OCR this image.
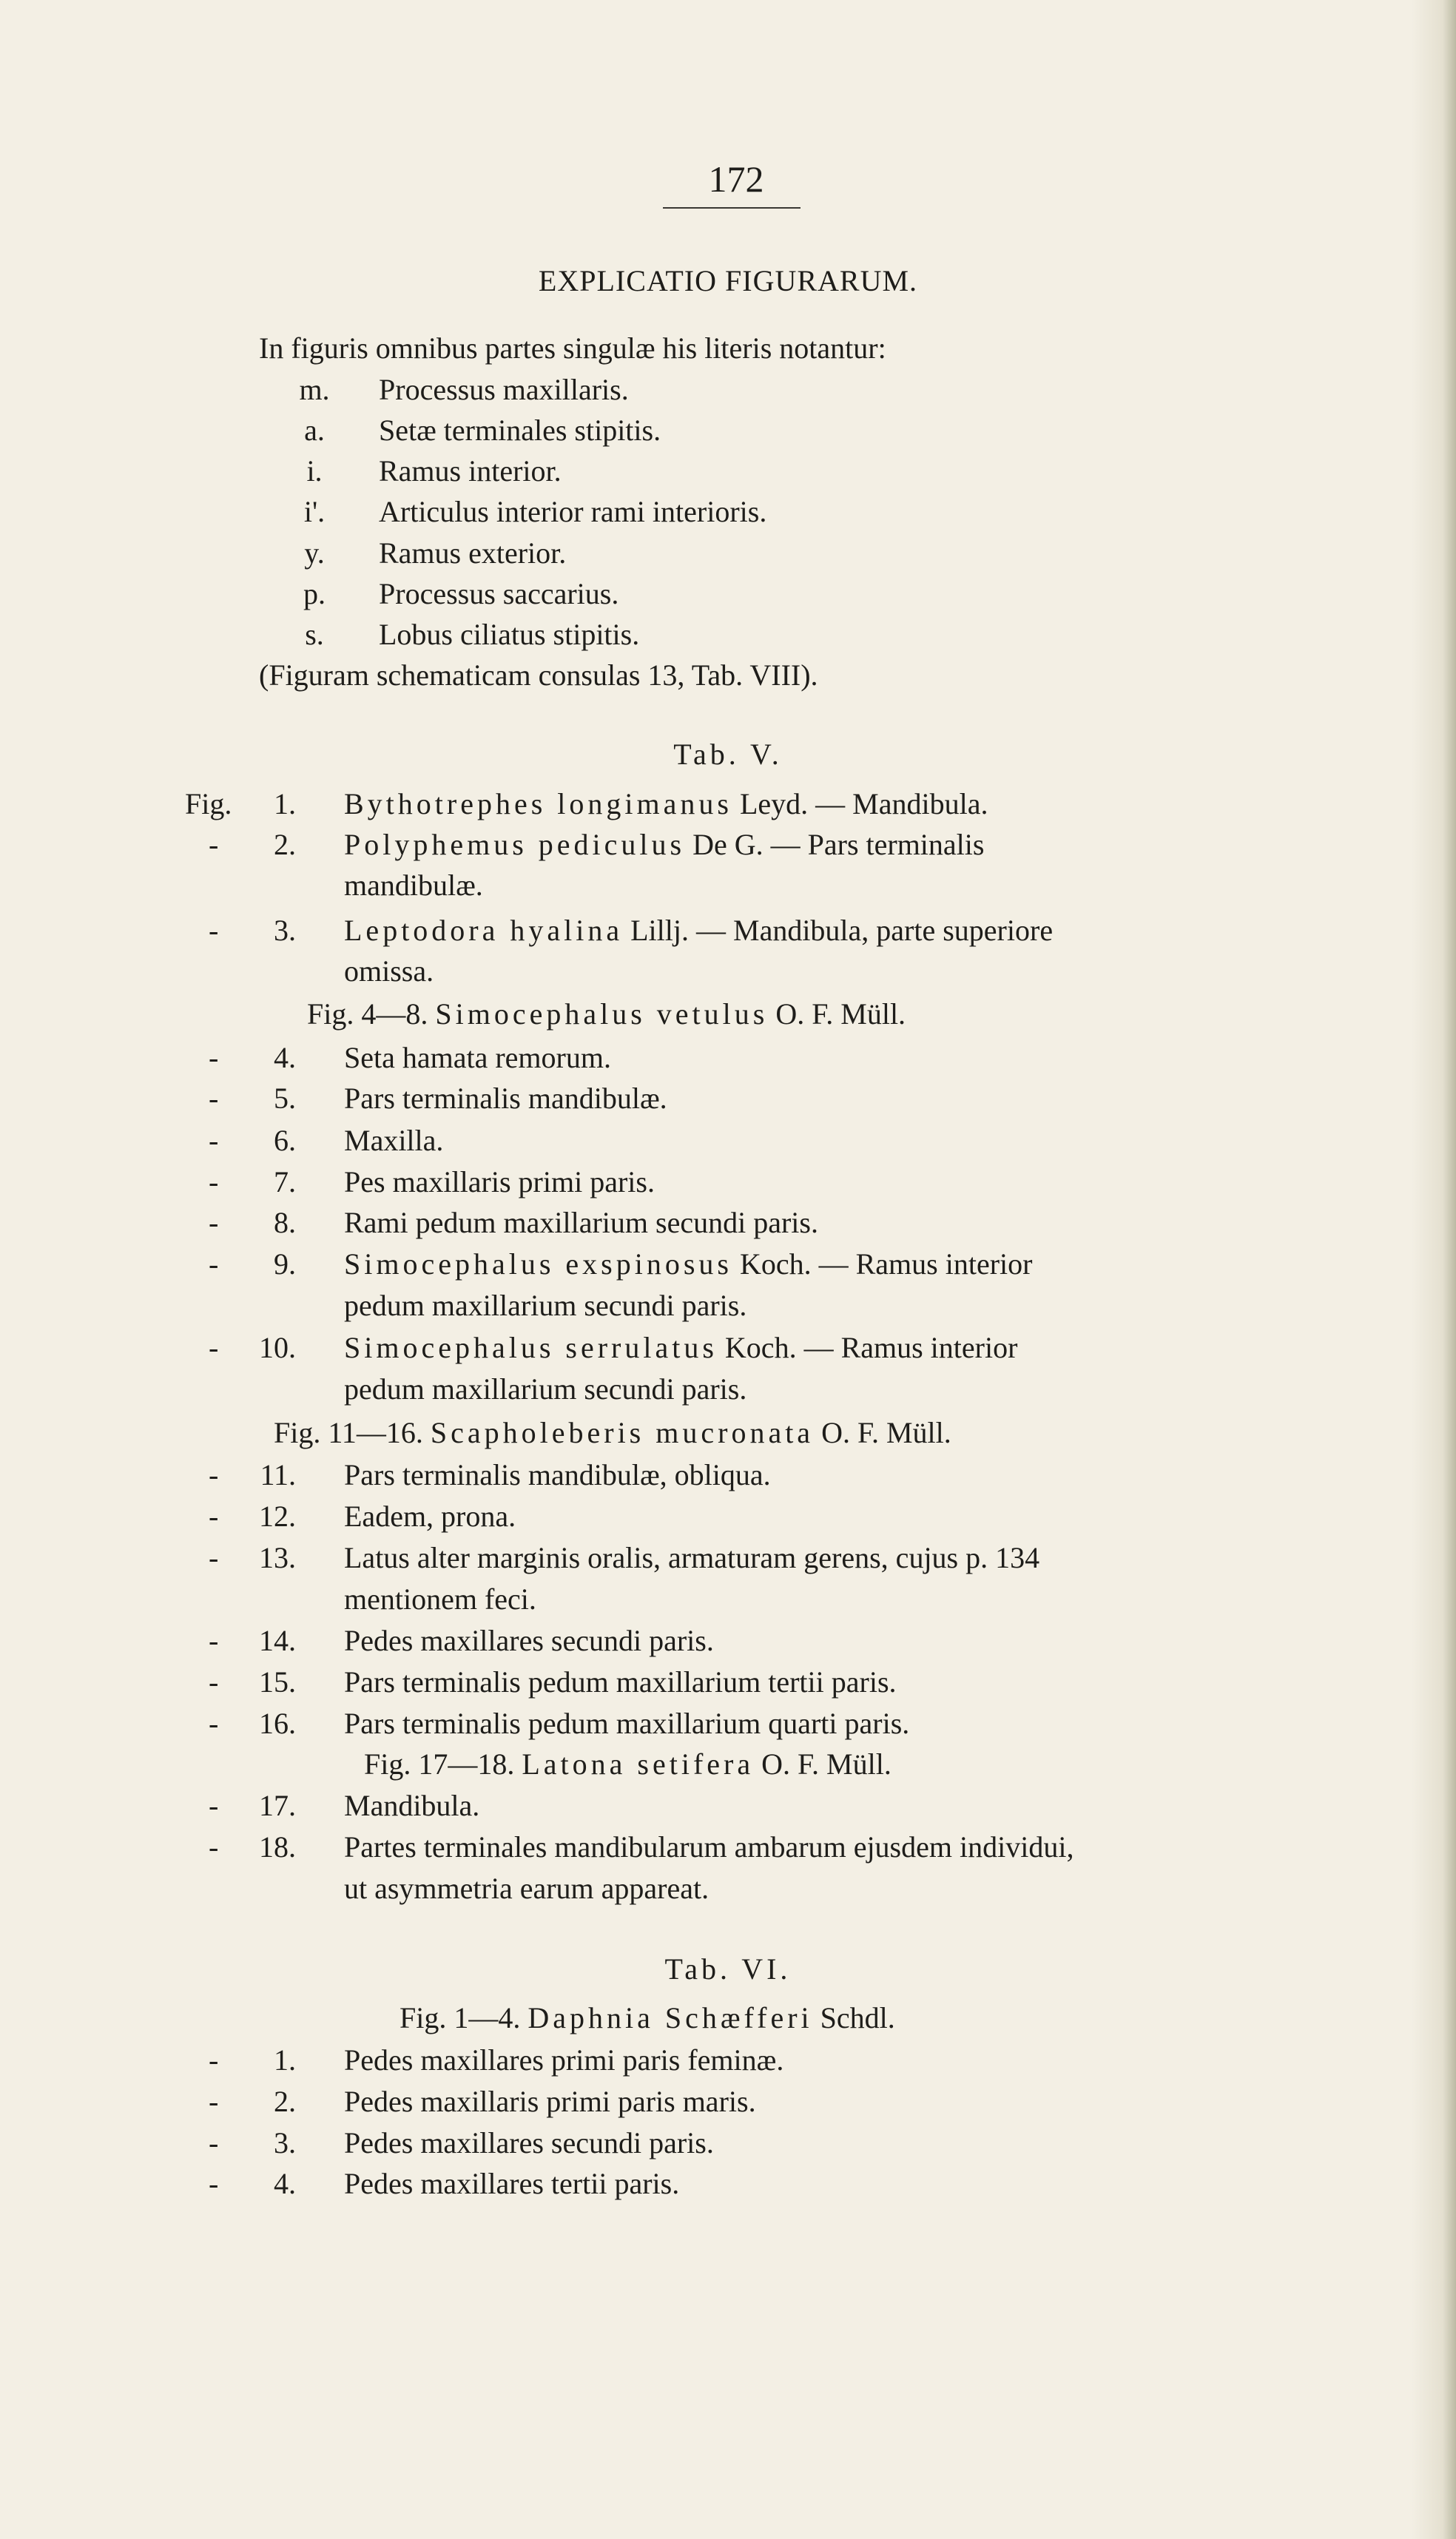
172
EXPLICATIO FIGURARUM.
In figuris omnibus partes singulæ his literis notantur:
m.	Processus maxillaris.
a.	Setæ terminales stipitis.
i.	Ramus interior.
i'.	Articulus interior rami interioris.
y.	Ramus exterior.
p.	Processus saccarius.
s.	Lobus ciliatus stipitis.
(Figuram schematicam consulas 13, Tab. VIII).
Tab. V.
Fig.	1. Bythotrephes longimanus Leyd. — Mandibula.
-	2. Polyphemus pediculus De G. — Pars terminalis
mandibulæ.
-	3. Leptodora hyalina Lillj. — Mandibula, parte superiore
omissa.
Fig. 4—8. Simocephalus vetulus O. F. Müll.
-	4. Seta hamata remorum.
-	5. Pars terminalis mandibulæ.
-	6. Maxilla.
-	7. Pes maxillaris primi paris.
-	8. Rami pedum maxillarium secundi paris.
-	9. Simocephalus exspinosus Koch. — Ramus interior
pedum maxillarium secundi paris.
-	10. Simocephalus serrulatus Koch. — Ramus interior
pedum maxillarium secundi paris.
Fig. 11—16. Scapholeberis mucronata O. F. Müll.
-	11. Pars terminalis mandibulæ, obliqua.
-	12. Eadem, prona.
-	13. Latus alter marginis oralis, armaturam gerens, cujus p. 134
mentionem feci.
-	14. Pedes maxillares secundi paris.
-	15. Pars terminalis pedum maxillarium tertii paris.
-	16. Pars terminalis pedum maxillarium quarti paris.
Fig. 17—18. Latona setifera O. F. Müll.
-	17. Mandibula.
-	18. Partes terminales mandibularum ambarum ejusdem individui,
ut asymmetria earum appareat.
Tab. VI.
Fig. 1—4. Daphnia Schæfferi Schdl.
-	1. Pedes maxillares primi paris feminæ.
-	2. Pedes maxillaris primi paris maris.
-	3. Pedes maxillares secundi paris.
-	4. Pedes maxillares tertii paris.
